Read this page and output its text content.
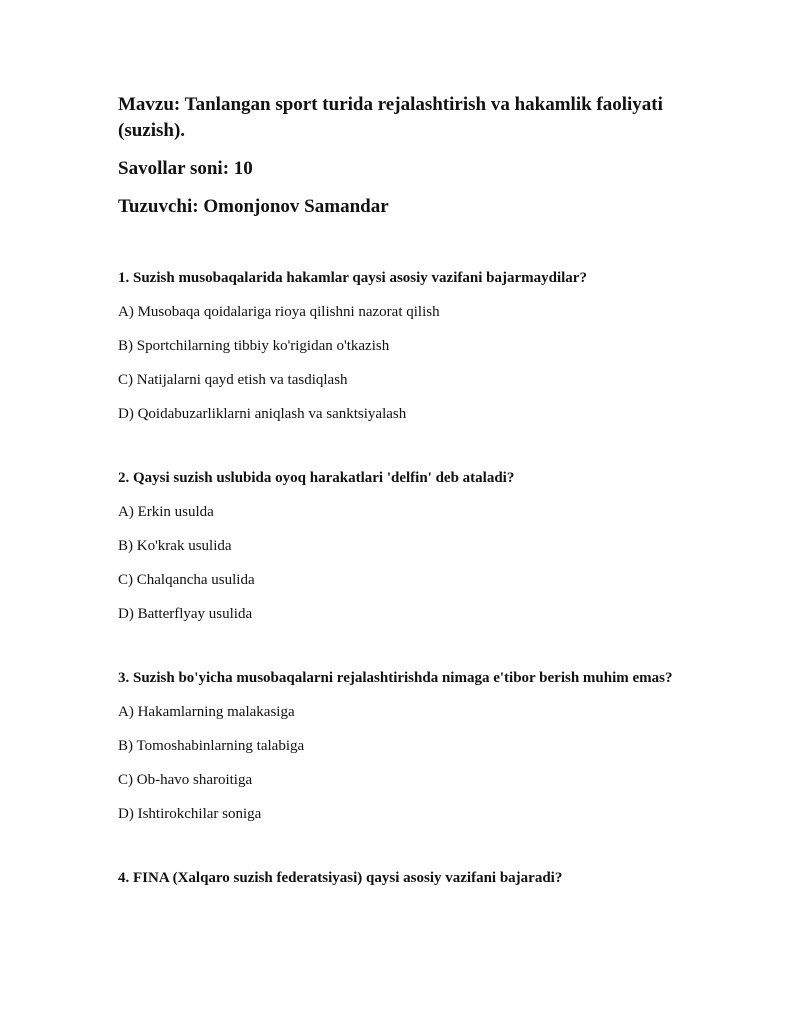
Mavzu: Tanlangan sport turida rejalashtirish va hakamlik faoliyati (suzish).

Savollar soni: 10

Tuzuvchi: Omonjonov Samandar

1. Suzish musobaqalarida hakamlar qaysi asosiy vazifani bajarmaydilar?

A) Musobaqa qoidalariga rioya qilishni nazorat qilish

B) Sportchilarning tibbiy ko'rigidan o'tkazish

C) Natijalarni qayd etish va tasdiqlash

D) Qoidabuzarliklarni aniqlash va sanktsiyalash

2. Qaysi suzish uslubida oyoq harakatlari 'delfin' deb ataladi?

A) Erkin usulda

B) Ko'krak usulida

C) Chalqancha usulida

D) Batterflyay usulida

3. Suzish bo'yicha musobaqalarni rejalashtirishda nimaga e'tibor berish muhim emas?

A) Hakamlarning malakasiga

B) Tomoshabinlarning talabiga

C) Ob-havo sharoitiga

D) Ishtirokchilar soniga

4. FINA (Xalqaro suzish federatsiyasi) qaysi asosiy vazifani bajaradi?
